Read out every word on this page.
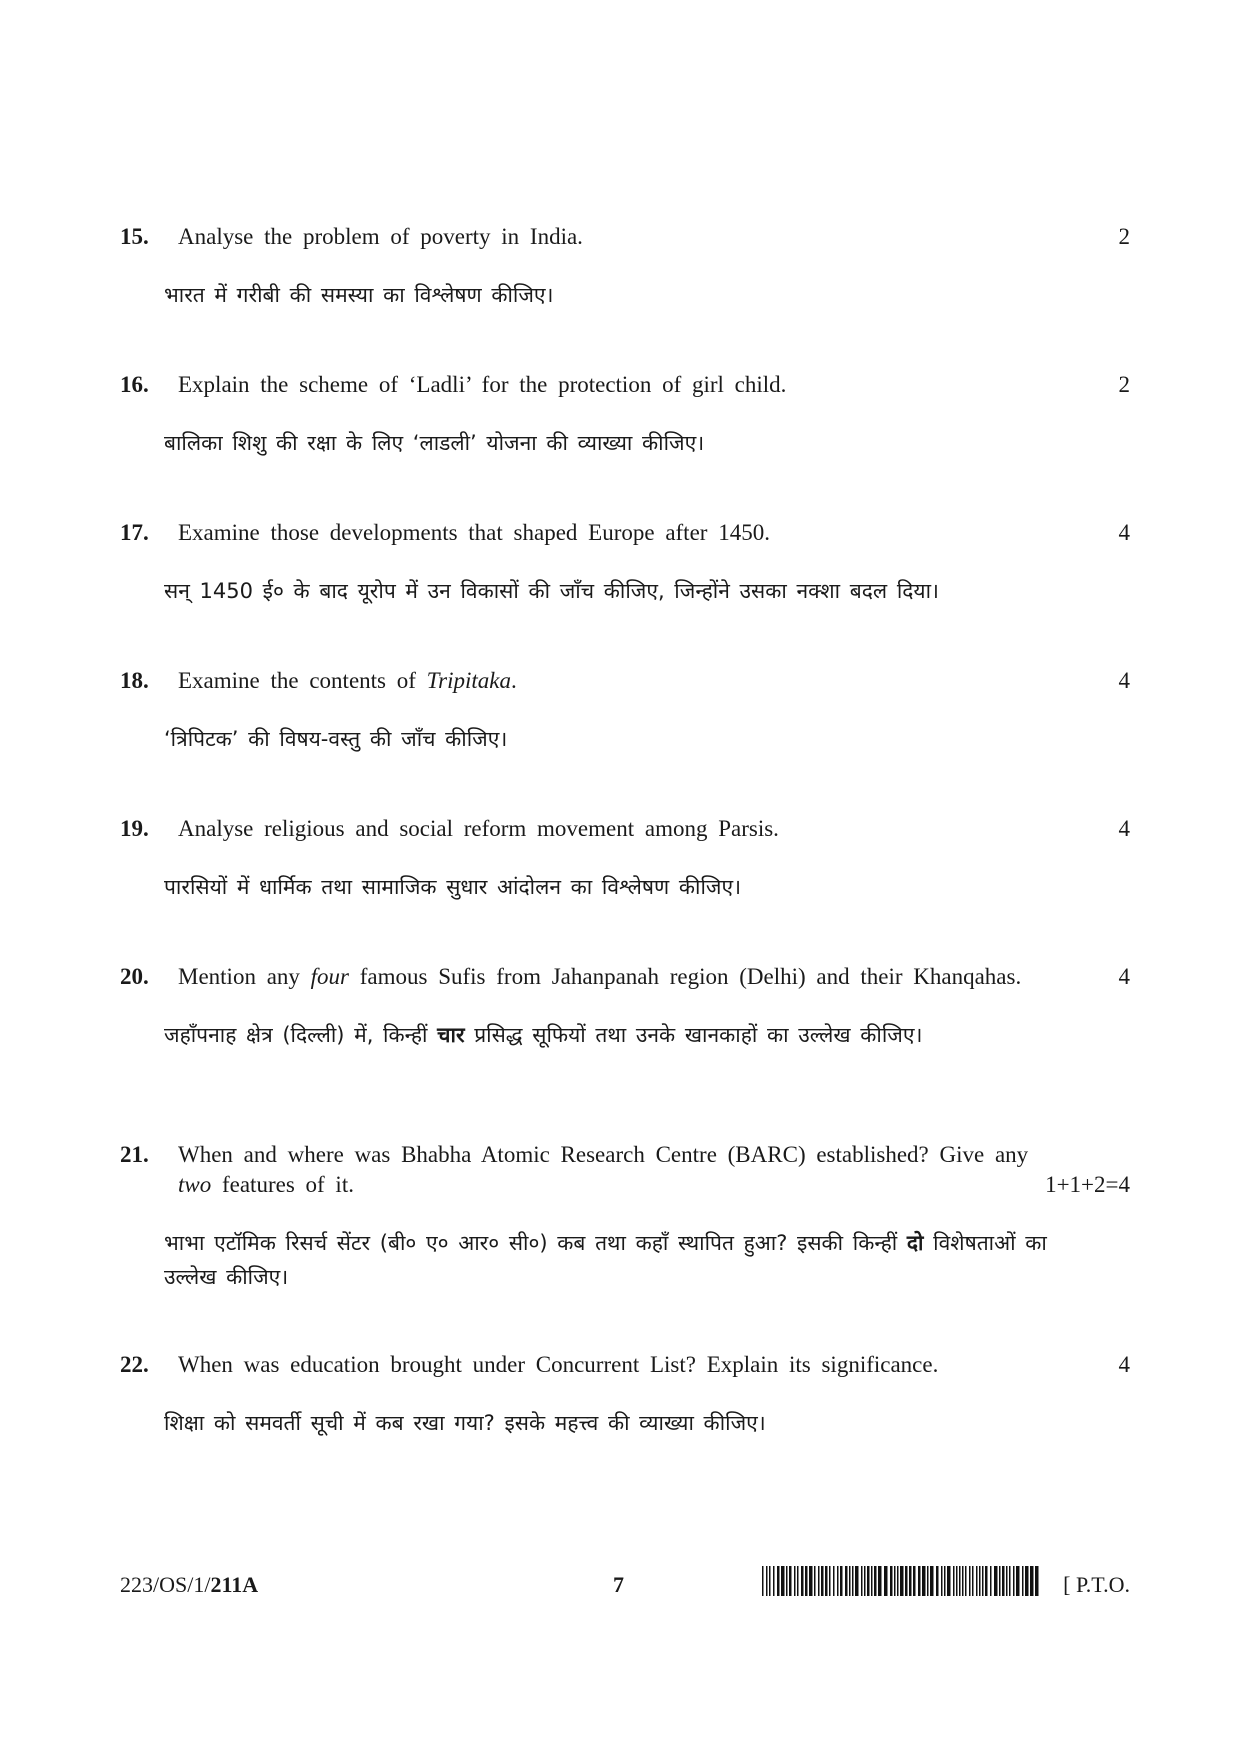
15.	Analyse the problem of poverty in India.	2
भारत में गरीबी की समस्या का विश्लेषण कीजिए।
16.	Explain the scheme of ‘Ladli’ for the protection of girl child.	2
बालिका शिशु की रक्षा के लिए ‘लाडली’ योजना की व्याख्या कीजिए।
17.	Examine those developments that shaped Europe after 1450.	4
सन् 1450 ई० के बाद यूरोप में उन विकासों की जाँच कीजिए, जिन्होंने उसका नक्शा बदल दिया।
18.	Examine the contents of Tripitaka.	4
‘त्रिपिटक’ की विषय-वस्तु की जाँच कीजिए।
19.	Analyse religious and social reform movement among Parsis.	4
पारसियों में धार्मिक तथा सामाजिक सुधार आंदोलन का विश्लेषण कीजिए।
20.	Mention any four famous Sufis from Jahanpanah region (Delhi) and their Khanqahas.	4
जहाँपनाह क्षेत्र (दिल्ली) में, किन्हीं चार प्रसिद्ध सूफियों तथा उनके खानकाहों का उल्लेख कीजिए।
21.	When and where was Bhabha Atomic Research Centre (BARC) established? Give any two features of it.	1+1+2=4
भाभा एटॉमिक रिसर्च सेंटर (बी० ए० आर० सी०) कब तथा कहाँ स्थापित हुआ? इसकी किन्हीं दो विशेषताओं का उल्लेख कीजिए।
22.	When was education brought under Concurrent List? Explain its significance.	4
शिक्षा को समवर्ती सूची में कब रखा गया? इसके महत्त्व की व्याख्या कीजिए।
223/OS/1/211A	7	[ P.T.O.
